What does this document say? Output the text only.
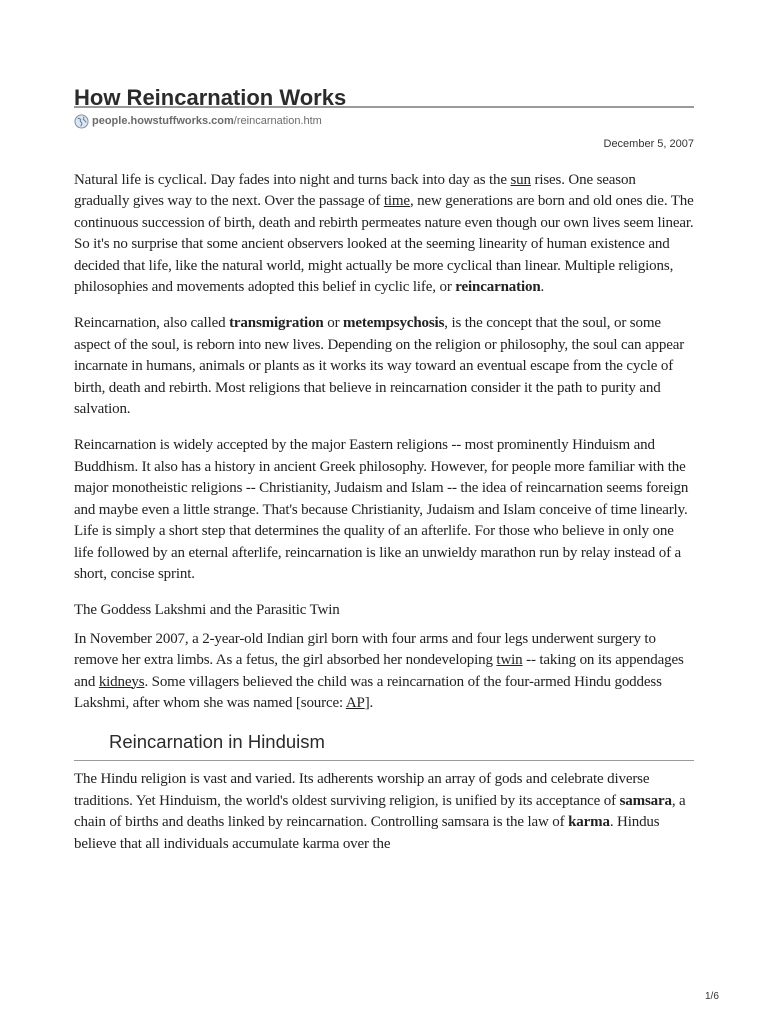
How Reincarnation Works
people.howstuffworks.com /reincarnation.htm
December 5, 2007

Natural life is cyclical. Day fades into night and turns back into day as the sun rises. One season gradually gives way to the next. Over the passage of time, new generations are born and old ones die. The continuous succession of birth, death and rebirth permeates nature even though our own lives seem linear. So it's no surprise that some ancient observers looked at the seeming linearity of human existence and decided that life, like the natural world, might actually be more cyclical than linear. Multiple religions, philosophies and movements adopted this belief in cyclic life, or reincarnation.

Reincarnation, also called transmigration or metempsychosis, is the concept that the soul, or some aspect of the soul, is reborn into new lives. Depending on the religion or philosophy, the soul can appear incarnate in humans, animals or plants as it works its way toward an eventual escape from the cycle of birth, death and rebirth. Most religions that believe in reincarnation consider it the path to purity and salvation.

Reincarnation is widely accepted by the major Eastern religions -- most prominently Hinduism and Buddhism. It also has a history in ancient Greek philosophy. However, for people more familiar with the major monotheistic religions -- Christianity, Judaism and Islam -- the idea of reincarnation seems foreign and maybe even a little strange. That's because Christianity, Judaism and Islam conceive of time linearly. Life is simply a short step that determines the quality of an afterlife. For those who believe in only one life followed by an eternal afterlife, reincarnation is like an unwieldy marathon run by relay instead of a short, concise sprint.

The Goddess Lakshmi and the Parasitic Twin

In November 2007, a 2-year-old Indian girl born with four arms and four legs underwent surgery to remove her extra limbs. As a fetus, the girl absorbed her nondeveloping twin -- taking on its appendages and kidneys. Some villagers believed the child was a reincarnation of the four-armed Hindu goddess Lakshmi, after whom she was named [source: AP].

Reincarnation in Hinduism

The Hindu religion is vast and varied. Its adherents worship an array of gods and celebrate diverse traditions. Yet Hinduism, the world's oldest surviving religion, is unified by its acceptance of samsara, a chain of births and deaths linked by reincarnation. Controlling samsara is the law of karma. Hindus believe that all individuals accumulate karma over the

1/6
